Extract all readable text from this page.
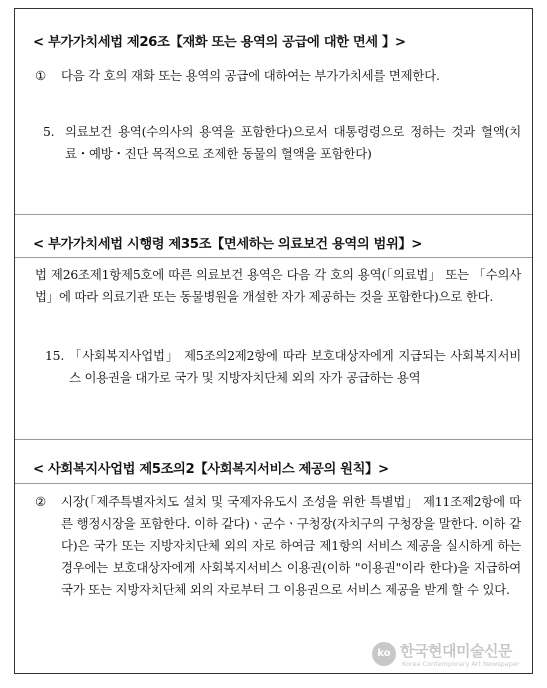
< 부가가치세법 제26조【재화 또는 용역의 공급에 대한 면세 】>
①	다음 각 호의 재화 또는 용역의 공급에 대하여는 부가가치세를 면제한다.
5. 의료보건 용역(수의사의 용역을 포함한다)으로서 대통령령으로 정하는 것과 혈액(치료・예방・진단 목적으로 조제한 동물의 혈액을 포함한다)
< 부가가치세법 시행령 제35조【면세하는 의료보건 용역의 범위】>
법 제26조제1항제5호에 따른 의료보건 용역은 다음 각 호의 용역(「의료법」 또는 「수의사법」에 따라 의료기관 또는 동물병원을 개설한 자가 제공하는 것을 포함한다)으로 한다.
15. 「사회복지사업법」 제5조의2제2항에 따라 보호대상자에게 지급되는 사회복지서비스 이용권을 대가로 국가 및 지방자치단체 외의 자가 공급하는 용역
< 사회복지사업법 제5조의2【사회복지서비스 제공의 원칙】>
②	시장(「제주특별자치도 설치 및 국제자유도시 조성을 위한 특별법」 제11조제2항에 따른 행정시장을 포함한다. 이하 같다)ㆍ군수ㆍ구청장(자치구의 구청장을 말한다. 이하 같다)은 국가 또는 지방자치단체 외의 자로 하여금 제1항의 서비스 제공을 실시하게 하는 경우에는 보호대상자에게 사회복지서비스 이용권(이하 "이용권"이라 한다)을 지급하여 국가 또는 지방자치단체 외의 자로부터 그 이용권으로 서비스 제공을 받게 할 수 있다.
ko 한국현대미술신문
Korea Contemporary Art Newspaper
